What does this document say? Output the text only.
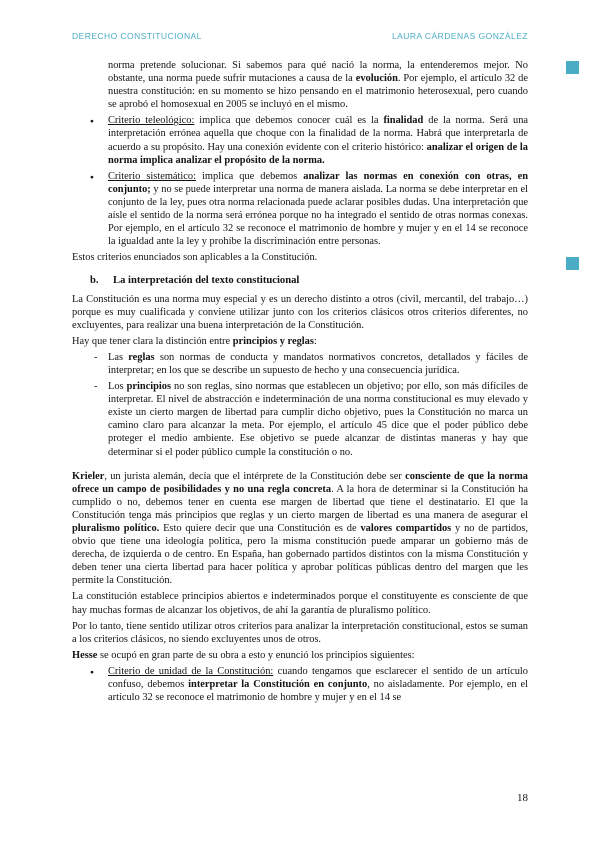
DERECHO CONSTITUCIONAL	LAURA CÁRDENAS GONZÁLEZ
norma pretende solucionar. Si sabemos para qué nació la norma, la entenderemos mejor. No obstante, una norma puede sufrir mutaciones a causa de la evolución. Por ejemplo, el artículo 32 de nuestra constitución: en su momento se hizo pensando en el matrimonio heterosexual, pero cuando se aprobó el homosexual en 2005 se incluyó en el mismo.
● Criterio teleológico: implica que debemos conocer cuál es la finalidad de la norma. Será una interpretación errónea aquella que choque con la finalidad de la norma. Habrá que interpretarla de acuerdo a su propósito. Hay una conexión evidente con el criterio histórico: analizar el origen de la norma implica analizar el propósito de la norma.
● Criterio sistemático: implica que debemos analizar las normas en conexión con otras, en conjunto; y no se puede interpretar una norma de manera aislada. La norma se debe interpretar en el conjunto de la ley, pues otra norma relacionada puede aclarar posibles dudas. Una interpretación que aísle el sentido de la norma será errónea porque no ha integrado el sentido de otras normas conexas. Por ejemplo, en el artículo 32 se reconoce el matrimonio de hombre y mujer y en el 14 se reconoce la igualdad ante la ley y prohíbe la discriminación entre personas.
Estos criterios enunciados son aplicables a la Constitución.
b. La interpretación del texto constitucional
La Constitución es una norma muy especial y es un derecho distinto a otros (civil, mercantil, del trabajo…) porque es muy cualificada y conviene utilizar junto con los criterios clásicos otros criterios diferentes, no excluyentes, para realizar una buena interpretación de la Constitución.
Hay que tener clara la distinción entre principios y reglas:
- Las reglas son normas de conducta y mandatos normativos concretos, detallados y fáciles de interpretar; en los que se describe un supuesto de hecho y una consecuencia jurídica.
- Los principios no son reglas, sino normas que establecen un objetivo; por ello, son más difíciles de interpretar. El nivel de abstracción e indeterminación de una norma constitucional es muy elevado y existe un cierto margen de libertad para cumplir dicho objetivo, pues la Constitución no marca un camino claro para alcanzar la meta. Por ejemplo, el artículo 45 dice que el poder público debe proteger el medio ambiente. Ese objetivo se puede alcanzar de distintas maneras y hay que determinar si el poder público cumple la constitución o no.
Krieler, un jurista alemán, decía que el intérprete de la Constitución debe ser consciente de que la norma ofrece un campo de posibilidades y no una regla concreta. A la hora de determinar si la Constitución ha cumplido o no, debemos tener en cuenta ese margen de libertad que tiene el destinatario. El que la Constitución tenga más principios que reglas y un cierto margen de libertad es una manera de asegurar el pluralismo político. Esto quiere decir que una Constitución es de valores compartidos y no de partidos, obvio que tiene una ideología política, pero la misma constitución puede amparar un gobierno más de derecha, de izquierda o de centro. En España, han gobernado partidos distintos con la misma Constitución y deben tener una cierta libertad para hacer política y aprobar políticas públicas dentro del margen que les permite la Constitución.
La constitución establece principios abiertos e indeterminados porque el constituyente es consciente de que hay muchas formas de alcanzar los objetivos, de ahí la garantía de pluralismo político.
Por lo tanto, tiene sentido utilizar otros criterios para analizar la interpretación constitucional, estos se suman a los criterios clásicos, no siendo excluyentes unos de otros.
Hesse se ocupó en gran parte de su obra a esto y enunció los principios siguientes:
● Criterio de unidad de la Constitución: cuando tengamos que esclarecer el sentido de un artículo confuso, debemos interpretar la Constitución en conjunto, no aisladamente. Por ejemplo, en el artículo 32 se reconoce el matrimonio de hombre y mujer y en el 14 se
18
